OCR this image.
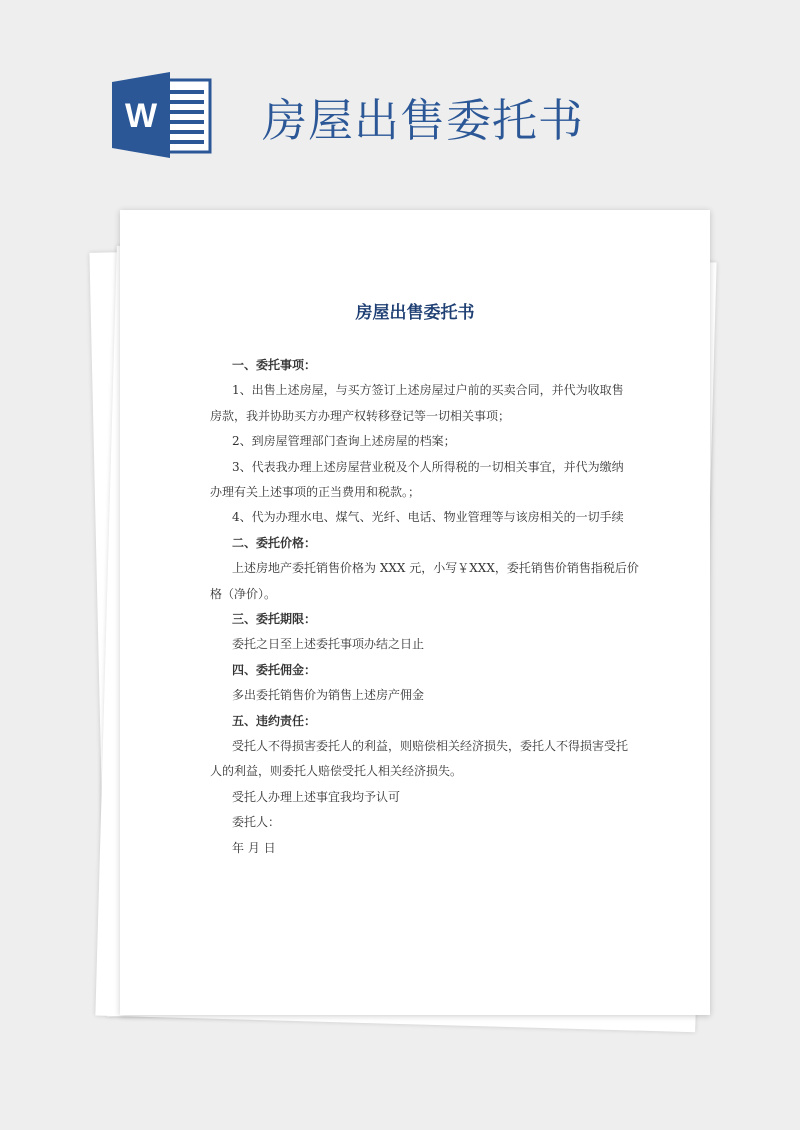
W 房屋出售委托书
房屋出售委托书
一、委托事项：
1、出售上述房屋，与买方签订上述房屋过户前的买卖合同，并代为收取售
房款，我并协助买方办理产权转移登记等一切相关事项；
2、到房屋管理部门查询上述房屋的档案；
3、代表我办理上述房屋营业税及个人所得税的一切相关事宜，并代为缴纳
办理有关上述事项的正当费用和税款。；
4、代为办理水电、煤气、光纤、电话、物业管理等与该房相关的一切手续
二、委托价格：
上述房地产委托销售价格为 XXX 元，小写￥XXX，委托销售价销售指税后价
格（净价）。
三、委托期限：
委托之日至上述委托事项办结之日止
四、委托佣金：
多出委托销售价为销售上述房产佣金
五、违约责任：
受托人不得损害委托人的利益，则赔偿相关经济损失，委托人不得损害受托
人的利益，则委托人赔偿受托人相关经济损失。
受托人办理上述事宜我均予认可
委托人：
年 月 日
